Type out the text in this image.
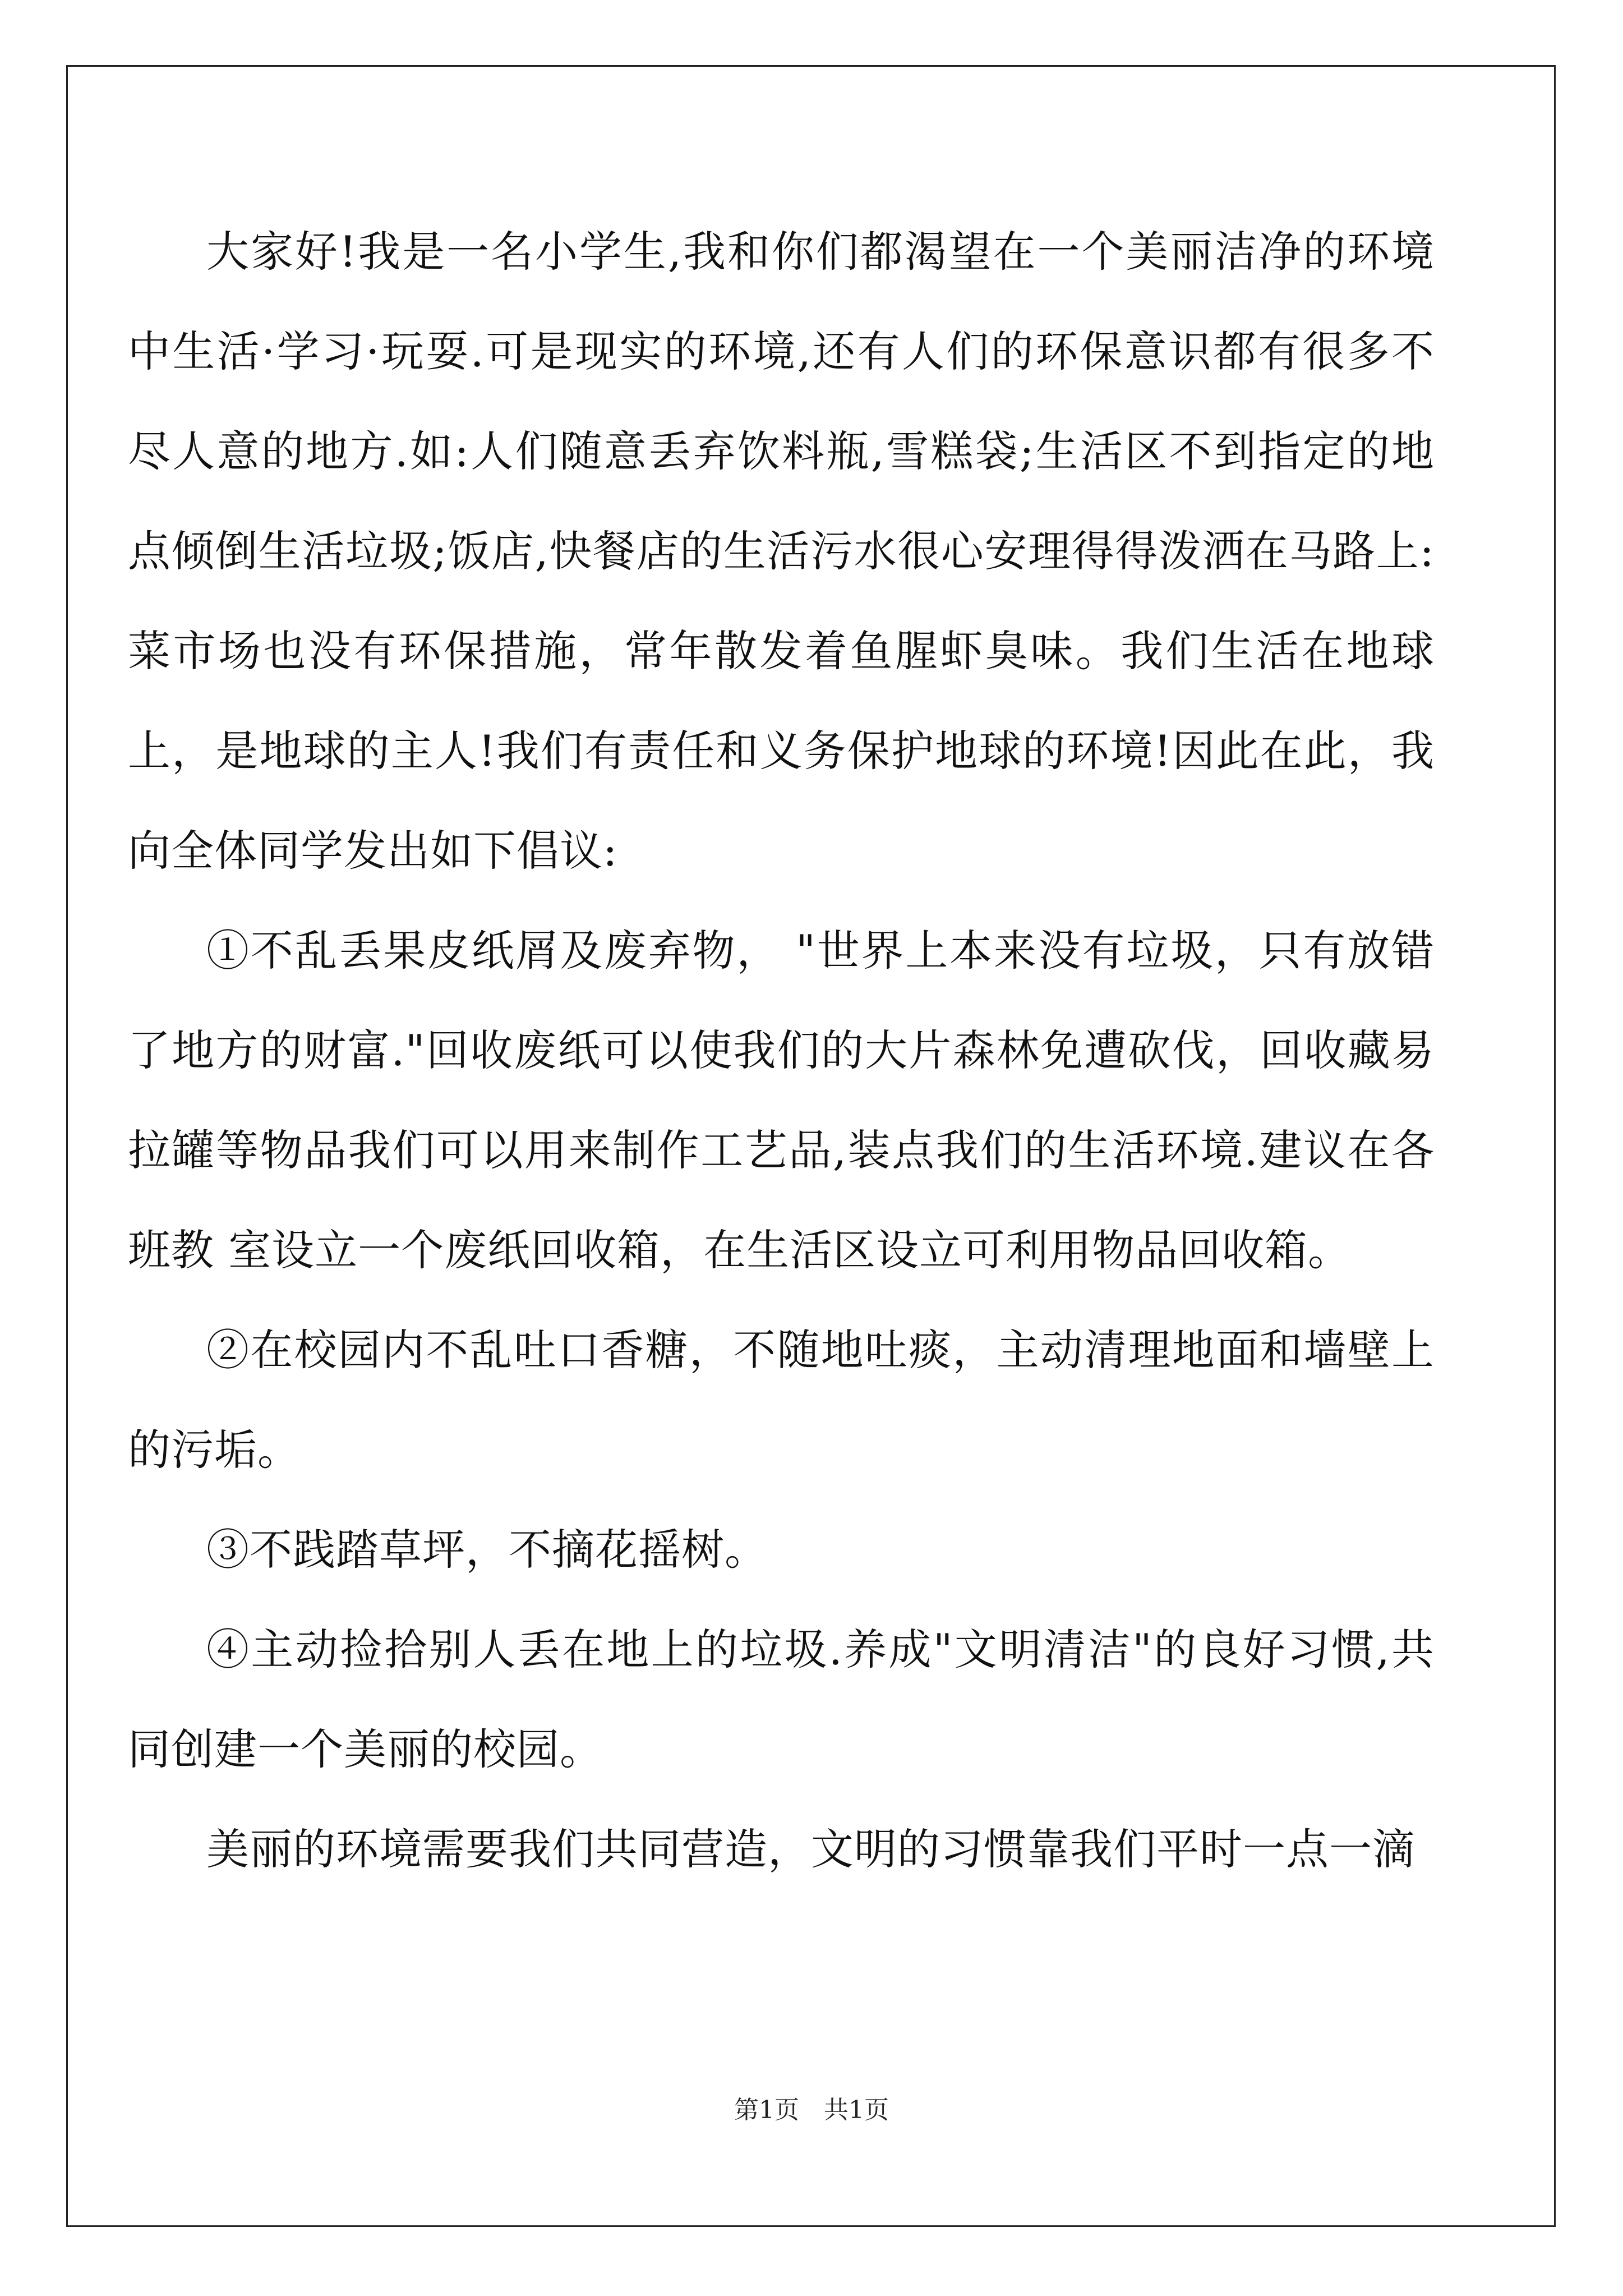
大家好!我是一名小学生,我和你们都渴望在一个美丽洁净的环境中生活·学习·玩耍.可是现实的环境,还有人们的环保意识都有很多不尽人意的地方.如:人们随意丢弃饮料瓶,雪糕袋;生活区不到指定的地点倾倒生活垃圾;饭店,快餐店的生活污水很心安理得得泼洒在马路上:菜市场也没有环保措施，常年散发着鱼腥虾臭味。我们生活在地球上，是地球的主人!我们有责任和义务保护地球的环境!因此在此，我向全体同学发出如下倡议:

①不乱丢果皮纸屑及废弃物， "世界上本来没有垃圾，只有放错了地方的财富."回收废纸可以使我们的大片森林免遭砍伐，回收藏易拉罐等物品我们可以用来制作工艺品,装点我们的生活环境.建议在各班教 室设立一个废纸回收箱，在生活区设立可利用物品回收箱。

②在校园内不乱吐口香糖，不随地吐痰，主动清理地面和墙壁上的污垢。

③不践踏草坪，不摘花摇树。

④主动捡拾别人丢在地上的垃圾.养成"文明清洁"的良好习惯,共同创建一个美丽的校园。

美丽的环境需要我们共同营造，文明的习惯靠我们平时一点一滴

第1页 共1页
